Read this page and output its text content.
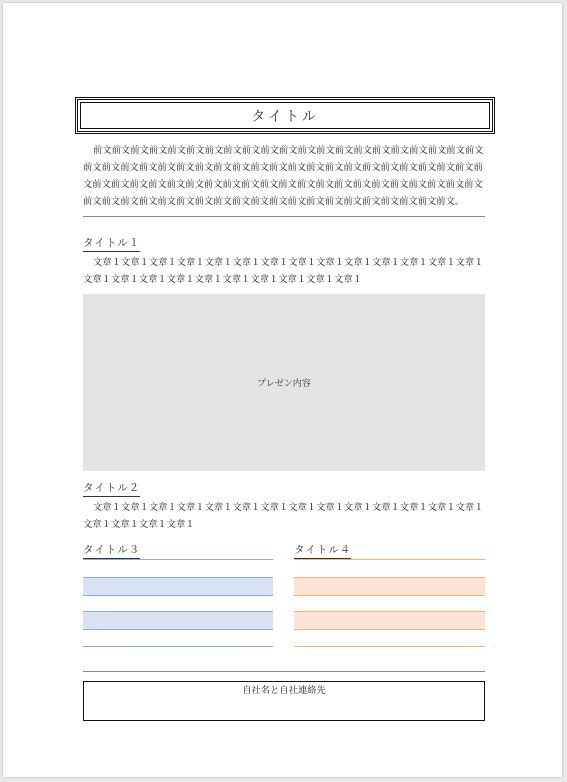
タイトル

前文前文前文前文前文前文前文前文前文前文前文前文前文前文前文前文前文前文前文前文前文前文前文前文前文前文前文前文前文前文前文前文前文前文前文前文前文前文前文前文前文前文前文前文前文前文前文前文前文前文前文前文前文前文前文前文前文前文前文前文前文前文前文前文前文前文前文前文前文前文前文前文前文前文前文前文前文前文前文前文前文前文前文前文。

タイトル１

文章１文章１文章１文章１文章１文章１文章１文章１文章１文章１文章１文章１文章１文章１文章１文章１文章１文章１文章１文章１文章１文章１文章１文章１

プレゼン内容
タイトル２

文章１文章１文章１文章１文章１文章１文章１文章１文章１文章１文章１文章１文章１文章１文章１文章１文章１文章１

タイトル３	タイトル４
自社名と自社連絡先
